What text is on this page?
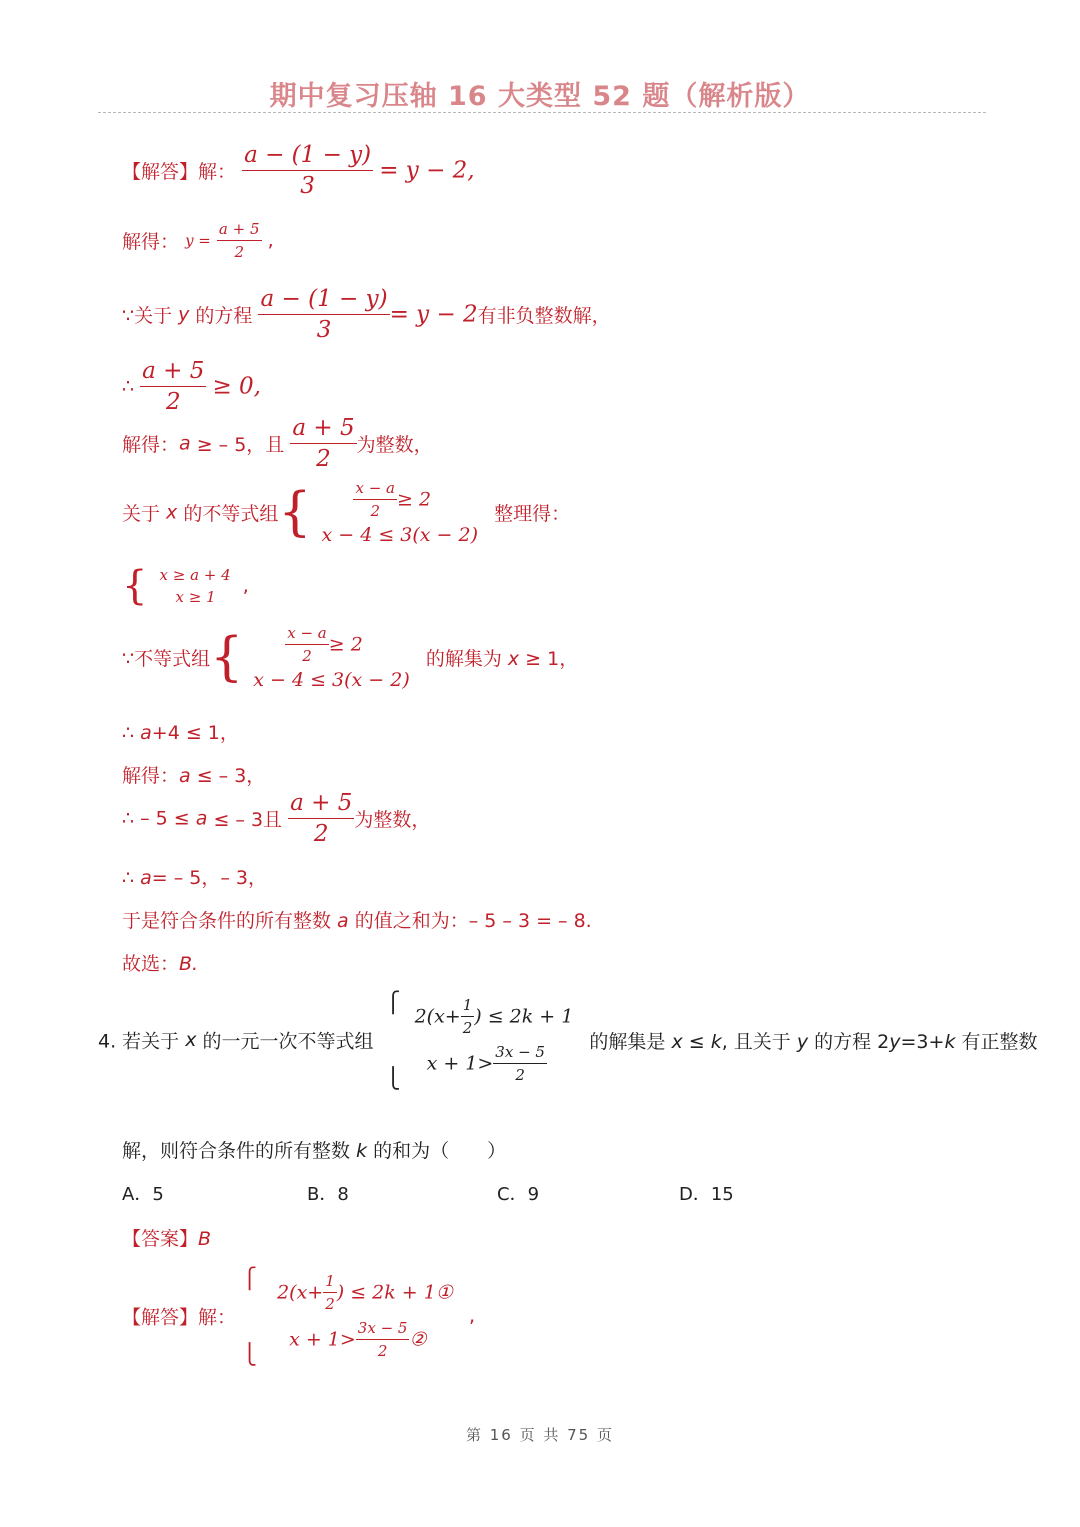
期中复习压轴 16 大类型 52 题（解析版）
【解答】解： $\frac{a - (1 - y)}{3} = y - 2$,
解得： $y = \frac{a + 5}{2}$ ,
∵关于 y 的方程 $\frac{a - (1 - y)}{3} = y - 2$有非负整数解，
∴ $\frac{a + 5}{2} \ge 0$,
解得：a ≥ – 5，且 $\frac{a + 5}{2}$ 为整数，
关于 x 的不等式组{	$\frac{x - a}{2} \ge 2$
x − 4 ≤ 3(x − 2)
整理得：
{ x ≥ a + 4
x ≥ 1	,
∵不等式组{	$\frac{x - a}{2} \ge 2$
x − 4 ≤ 3(x − 2)
的解集为 x ≥ 1，
∴ a+4 ≤ 1，
解得：a ≤ – 3，
∴ – 5 ≤ a ≤ – 3且 $\frac{a + 5}{2}$ 为整数，
∴ a= – 5，– 3，
于是符合条件的所有整数 a 的值之和为：– 5 – 3 = – 8.
故选：B.
4. 若关于 x 的一元一次不等式组
⎧
⎩
$2(x+ \frac{1}{2}$ ) ≤ 2k + 1
$x + 1> \frac{3x - 5}{2}$
的解集是 x ≤ k, 且关于 y 的方程 2y=3+k 有正整数
解，则符合条件的所有整数 k 的和为（　　）
A．5	B．8	C．9	D．15
【答案】B
【解答】解：
⎧
⎩
$2(x+ \frac{1}{2}$ ) ≤ 2k + 1①
$x + 1> \frac{3x - 5}{2}$ ②
,
第 16 页 共 75 页
